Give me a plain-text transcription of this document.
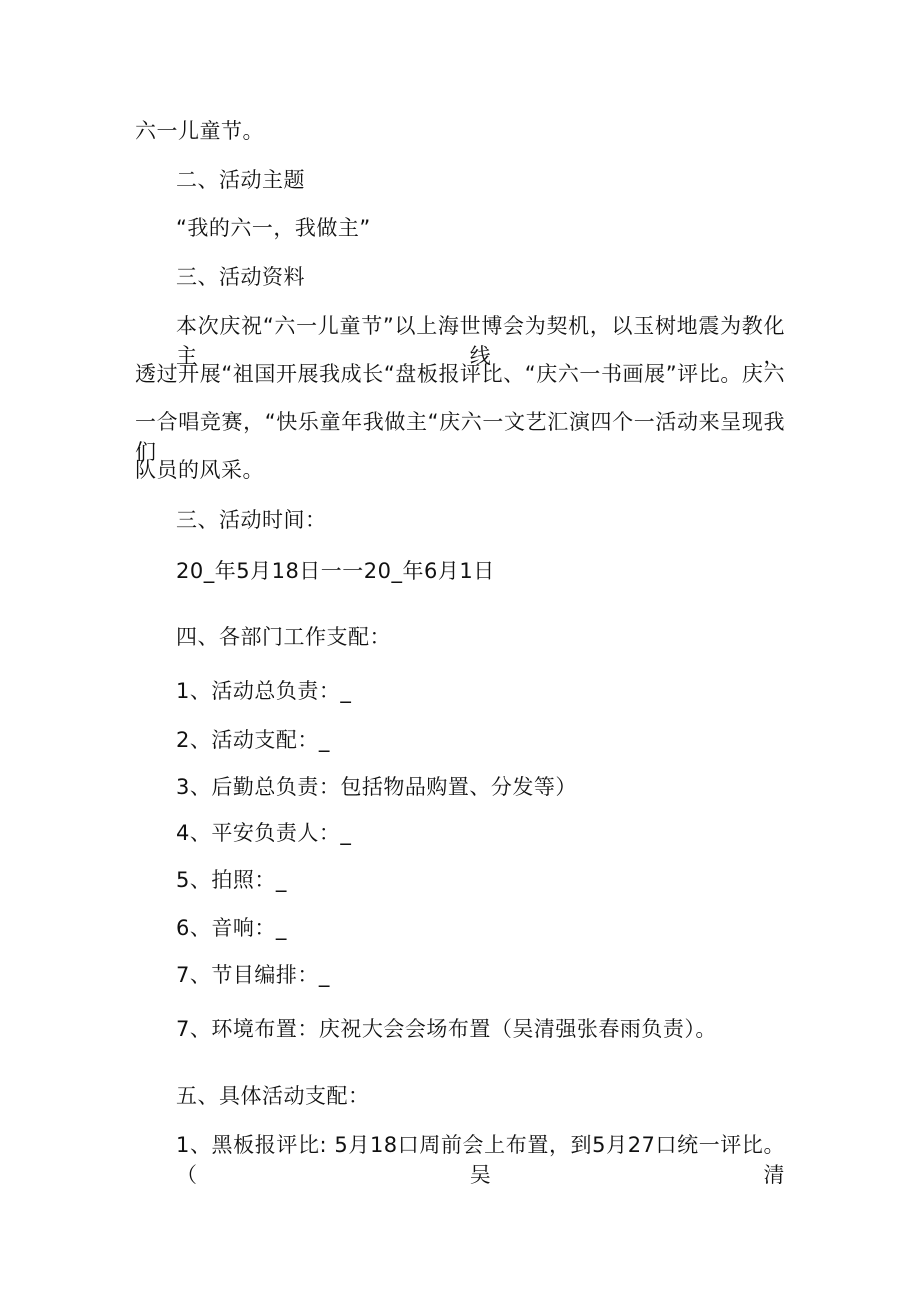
六一儿童节。
二、活动主题
“我的六一，我做主”
三、活动资料
本次庆祝“六一儿童节”以上海世博会为契机，以玉树地震为教化主线，
透过开展“祖国开展我成长“盘板报评比、“庆六一书画展”评比。庆六
一合唱竞赛，“快乐童年我做主“庆六一文艺汇演四个一活动来呈现我们
队员的风采。
三、活动时间：
20_年5月18日一一20_年6月1日
四、各部门工作支配：
1、活动总负责：_
2、活动支配：_
3、后勤总负责：包括物品购置、分发等）
4、平安负责人：_
5、拍照：_
6、音响：_
7、节目编排：_
7、环境布置：庆祝大会会场布置（吴清强张春雨负责）。
五、具体活动支配：
1、黑板报评比: 5月18口周前会上布置，到5月27口统一评比。（吴清
